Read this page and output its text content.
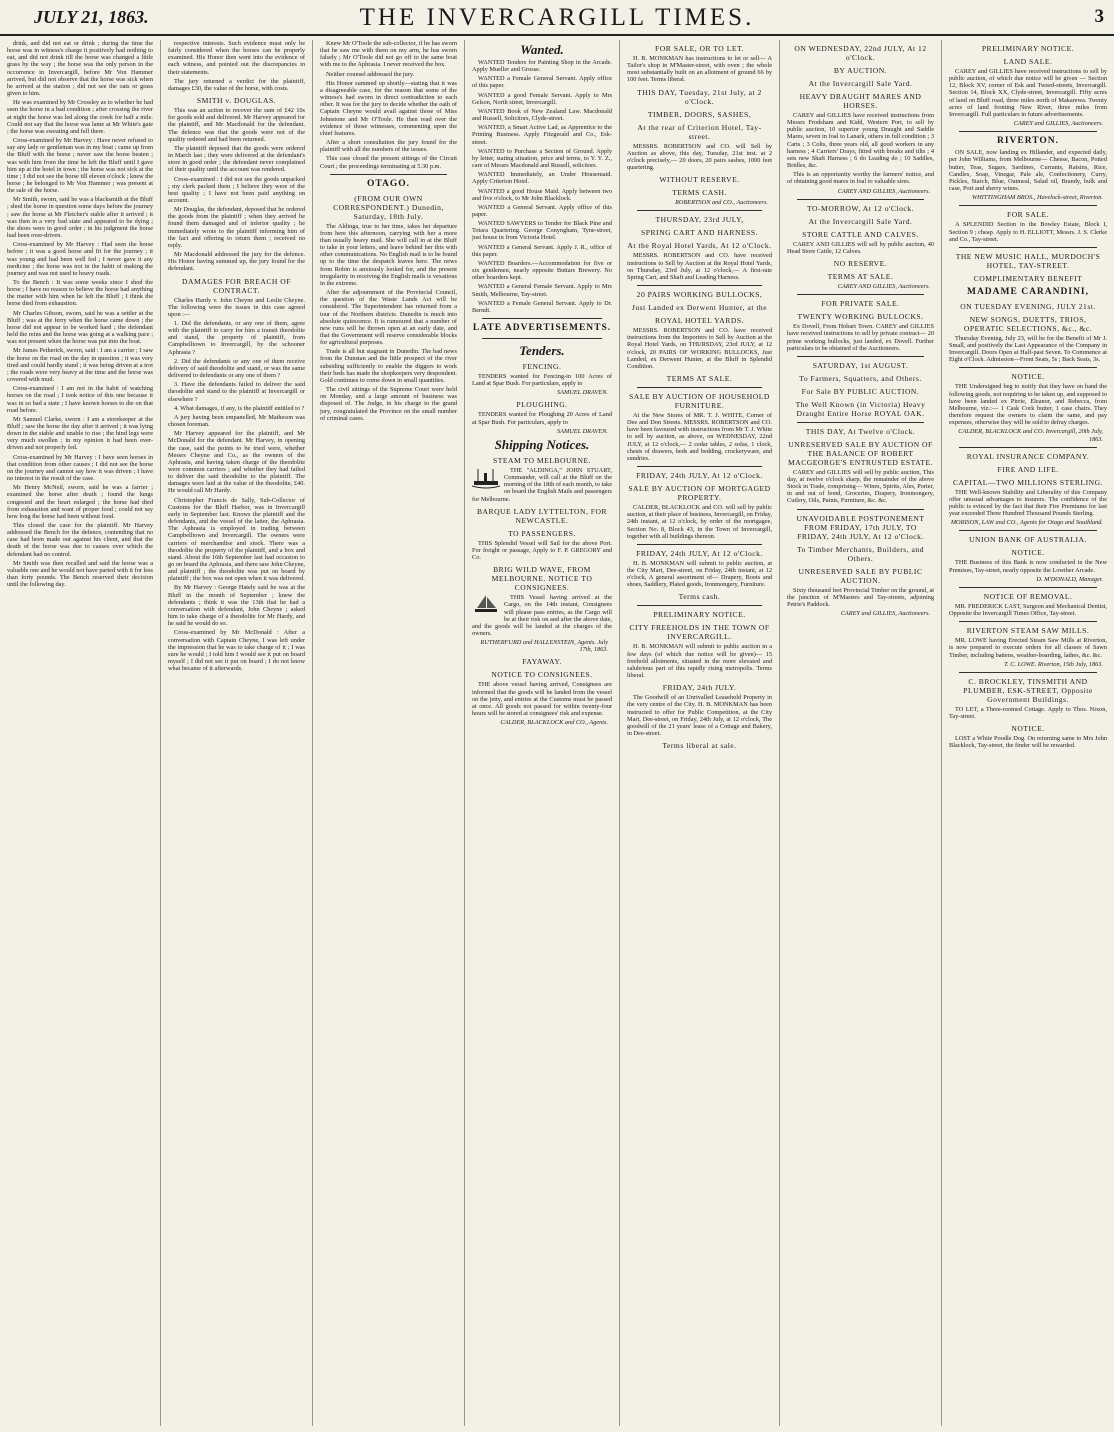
JULY 21, 1863.	THE INVERCARGILL TIMES.	3

drink, and did not eat or drink ; during the time the horse was in witness's charge it positively had nothing to eat, and did not drink till the horse was changed a little grass by the way ; the horse was the only person in the occurrence in Invercargill, before Mr Von Hammer arrived, but did not observe that the horse was sick when he arrived at the station ; did not see the oats or grass given to him.

He was examined by Mr Crossley as to whether he had seen the horse in a bad condition ; after crossing the river at night the horse was led along the creek for half a mile. Could not say that the horse was lame at Mr White's gate ; the horse was sweating and fell there.

Cross-examined by Mr Harvey : Have never refused to say any lady or gentleman was in my boat ; came up from the Bluff with the horse ; never saw the horse beaten ; was with him from the time he left the Bluff until I gave him up at the hotel in town ; the horse was not sick at the time ; I did not see the horse till eleven o'clock ; knew the horse ; he belonged to Mr Von Hammer ; was present at the sale of the horse.

Mr Smith, sworn, said he was a blacksmith at the Bluff ; shod the horse in question some days before the journey ; saw the horse at Mr Fletcher's stable after it arrived ; it was then in a very bad state and appeared to be dying ; the shoes were in good order ; in his judgment the horse had been over-driven.

Cross-examined by Mr Harvey : Had seen the horse before ; it was a good horse and fit for the journey ; it was young and had been well fed ; I never gave it any medicine ; the horse was not in the habit of making the journey and was not used to heavy roads.

To the Bench : It was some weeks since I shod the horse ; I have no reason to believe the horse had anything the matter with him when he left the Bluff ; I think the horse died from exhaustion.

Mr Charles Gibson, sworn, said he was a settler at the Bluff ; was at the ferry when the horse came down ; the horse did not appear to be worked hard ; the defendant held the reins and the horse was going at a walking pace ; was not present when the horse was put into the boat.

Mr James Petherick, sworn, said : I am a carrier ; I saw the horse on the road on the day in question ; it was very tired and could hardly stand ; it was being driven at a trot ; the roads were very heavy at the time and the horse was covered with mud.

Cross-examined : I am not in the habit of watching horses on the road ; I took notice of this one because it was in so bad a state ; I have known horses to die on that road before.

Mr Samuel Clarke, sworn : I am a storekeeper at the Bluff ; saw the horse the day after it arrived ; it was lying down in the stable and unable to rise ; the hind legs were very much swollen ; in my opinion it had been over-driven and not properly fed.

Cross-examined by Mr Harvey : I have seen horses in that condition from other causes ; I did not see the horse on the journey and cannot say how it was driven ; I have no interest in the result of the case.

Mr Henry McNeil, sworn, said he was a farrier ; examined the horse after death ; found the lungs congested and the heart enlarged ; the horse had died from exhaustion and want of proper food ; could not say how long the horse had been without food.

This closed the case for the plaintiff. Mr Harvey addressed the Bench for the defence, contending that no case had been made out against his client, and that the death of the horse was due to causes over which the defendant had no control.

Mr Smith was then recalled and said the horse was a valuable one and he would not have parted with it for less than forty pounds. The Bench reserved their decision until the following day.

respective interests. Such evidence must only be fairly considered when the horses can be properly examined. His Honor then went into the evidence of each witness, and pointed out the discrepancies in their statements.

The jury returned a verdict for the plaintiff, damages £30, the value of the horse, with costs.

SMITH v. DOUGLAS.

This was an action to recover the sum of £42 10s for goods sold and delivered. Mr Harvey appeared for the plaintiff, and Mr Macdonald for the defendant. The defence was that the goods were not of the quality ordered and had been returned.

The plaintiff deposed that the goods were ordered in March last ; they were delivered at the defendant's store in good order ; the defendant never complained of their quality until the account was rendered.

Cross-examined : I did not see the goods unpacked ; my clerk packed them ; I believe they were of the best quality ; I have not been paid anything on account.

Mr Douglas, the defendant, deposed that he ordered the goods from the plaintiff ; when they arrived he found them damaged and of inferior quality ; he immediately wrote to the plaintiff informing him of the fact and offering to return them ; received no reply.

Mr Macdonald addressed the jury for the defence. His Honor having summed up, the jury found for the defendant.

DAMAGES FOR BREACH OF CONTRACT.

Charles Hardy v. John Cheyne and Leslie Cheyne. The following were the issues in this case agreed upon :—

1. Did the defendants, or any one of them, agree with the plaintiff to carry for him a transit theodolite and stand, the property of plaintiff, from Campbelltown to Invercargill, by the schooner Aphrasia ?

2. Did the defendants or any one of them receive delivery of said theodolite and stand, or was the same delivered to defendants or any one of them ?

3. Have the defendants failed to deliver the said theodolite and stand to the plaintiff at Invercargill or elsewhere ?

4. What damages, if any, is the plaintiff entitled to ?

A jury having been empanelled, Mr Matheson was chosen foreman.

Mr Harvey appeared for the plaintiff, and Mr McDonald for the defendant. Mr Harvey, in opening the case, said the points to be tried were, whether Messrs Cheyne and Co., as the owners of the Aphrasia, and having taken charge of the theodolite were common carriers ; and whether they had failed to deliver the said theodolite to the plaintiff. The damages were laid at the value of the theodolite, £40. He would call Mr Hardy.

Christopher Francis de Sally, Sub-Collector of Customs for the Bluff Harbor, was in Invercargill early in September last. Knows the plaintiff and the defendants, and the vessel of the latter, the Aphrasia. The Aphrasia is employed in trading between Campbelltown and Invercargill. The owners were carriers of merchandise and stock. There was a theodolite the property of the plaintiff, and a box and stand. About the 16th September last had occasion to go on board the Aphrasia, and there saw John Cheyne, and plaintiff ; the theodolite was put on board by plaintiff ; the box was not open when it was delivered.

By Mr Harvey : George Hately said he was at the Bluff in the month of September ; knew the defendants ; think it was the 13th that he had a conversation with defendant, John Cheyne ; asked him to take charge of a theodolite for Mr Hardy, and he said he would do so.

Cross-examined by Mr McDonald : After a conversation with Captain Cheyne, I was left under the impression that he was to take charge of it ; I was sure he would ; I told him I would see it put on board myself ; I did not see it put on board ; I do not know what became of it afterwards.

Knew Mr O'Toole the sub-collector, if he has sworn that he saw me with them on my arm, he has sworn falsely ; Mr O'Toole did not go off to the same boat with me to the Aphrasia. I never received the box.

Neither counsel addressed the jury.

His Honor summed up shortly—stating that it was a disagreeable case, for the reason that some of the witness's had sworn in direct contradiction to each other. It was for the jury to decide whether the oath of Captain Cheyne would avail against those of Miss Johnstone and Mr O'Toole. He then read over the evidence of those witnesses, commenting upon the chief features.

After a short consultation the jury found for the plaintiff with all the numbers of the issues.

This case closed the present sittings of the Circuit Court ; the proceedings terminating at 5.30 p.m.

OTAGO.
(FROM OUR OWN CORRESPONDENT.) Dunedin, Saturday, 18th July.

The Aldinga, true to her time, takes her departure from here this afternoon, carrying with her a more than usually heavy mail. She will call in at the Bluff to take in your letters, and leave behind her this with other communications. No English mail is to be found up to the time the despatch leaves here. The news from Robin is anxiously looked for, and the present irregularity in receiving the English mails is vexatious in the extreme.

After the adjournment of the Provincial Council, the question of the Waste Lands Act will be considered. The Superintendent has returned from a tour of the Northern districts. Dunedin is much into absolute quiescence. It is rumoured that a number of new runs will be thrown open at an early date, and that the Government will reserve considerable blocks for agricultural purposes.

Trade is all but stagnant in Dunedin. The bad news from the Dunstan and the little prospect of the river subsiding sufficiently to enable the diggers to work their beds has made the shopkeepers very despondent. Gold continues to come down in small quantities.

The civil sittings of the Supreme Court were held on Monday, and a large amount of business was disposed of. The Judge, in his charge to the grand jury, congratulated the Province on the small number of criminal cases.

Wanted.

WANTED Tenders for Painting Shop in the Arcade. Apply Mueller and Grosse.

WANTED a Female General Servant. Apply office of this paper.

WANTED a good Female Servant. Apply to Mrs Gelson, North street, Invercargill.

WANTED Book of New Zealand Law. Macdonald and Russell, Solicitors, Clyde-street.

WANTED, a Smart Active Lad, as Apprentice to the Printing Business. Apply Fitzgerald and Co., Esk-street.

WANTED to Purchase a Section of Ground. Apply by letter, stating situation, price and terms, to Y. Y. Z., care of Messrs Macdonald and Russell, solicitors.

WANTED Immediately, an Under Housemaid. Apply Criterion Hotel.

WANTED a good House Maid. Apply between two and five o'clock, to Mr John Blacklock.

WANTED a General Servant. Apply office of this paper.

WANTED SAWYERS to Tender for Black Pine and Totara Quartering. George Conyngham, Tyne-street, just house in from Victoria Hotel.

WANTED a General Servant. Apply J. R., office of this paper.

WANTED Boarders.—Accommodation for five or six gentlemen, nearly opposite Buttars Brewery. No other boarders kept.

WANTED a General Female Servant. Apply to Mrs Smith, Melbourne, Tay-street.

WANTED a Female General Servant. Apply to Dr. Berndt.

LATE ADVERTISEMENTS.
Tenders.
FENCING.

TENDERS wanted for Fencing-in 100 Acres of Land at Spar Bush. For particulars, apply to

SAMUEL DRAVEN.
PLOUGHING.

TENDERS wanted for Ploughing 20 Acres of Land at Spar Bush. For particulars, apply to

SAMUEL DRAVEN.
Shipping Notices.
STEAM TO MELBOURNE.

THE "ALDINGA," JOHN STUART, Commander, will call at the Bluff on the morning of the 18th of each month, to take on board the English Mails and passengers for Melbourne.

BARQUE LADY LYTTELTON, FOR NEWCASTLE.
TO PASSENGERS.

THIS Splendid Vessel will Sail for the above Port. For freight or passage, Apply to F. P. GREGORY and Co.

BRIG WILD WAVE, FROM MELBOURNE. NOTICE TO CONSIGNEES.

THIS Vessel having arrived at the Cargo, on the 14th instant, Consignees will please pass entries, as the Cargo will be at their risk on and after the above date, and the goods will be landed at the charges of the owners.

RUTHERFURD and HALLENSTEIN, Agents. July 17th, 1863.
FAYAWAY.
NOTICE TO CONSIGNEES.

THE above vessel having arrived, Consignees are informed that the goods will be landed from the vessel on the jetty, and entries at the Customs must be passed at once. All goods not passed for within twenty-four hours will be stored at consignees' risk and expense.

CALDER, BLACKLOCK and CO., Agents.
FOR SALE, OR TO LET.

H. B. MONKMAN has instructions to let or sell— A Tailor's shop in M'Master-street, with oven ; the whole most substantially built on an allotment of ground 66 by 100 feet. Terms liberal.

THIS DAY, Tuesday, 21st July, at 2 o'Clock.
TIMBER, DOORS, SASHES,
At the rear of Criterion Hotel, Tay-street.

MESSRS. ROBERTSON and CO. will Sell by Auction as above, this day, Tuesday, 21st inst. at 2 o'clock precisely,— 20 doors, 20 pairs sashes, 1000 feet quartering.

WITHOUT RESERVE.
TERMS CASH.
ROBERTSON and CO., Auctioneers.
THURSDAY, 23rd JULY,
SPRING CART AND HARNESS.
At the Royal Hotel Yards, At 12 o'Clock.

MESSRS. ROBERTSON and CO. have received instructions to Sell by Auction at the Royal Hotel Yards, on Thursday, 23rd July, at 12 o'clock,— A first-rate Spring Cart, and Shaft and Leading Harness.

20 PAIRS WORKING BULLOCKS,
Just Landed ex Derwent Hunter, at the
ROYAL HOTEL YARDS.

MESSRS. ROBERTSON and CO. have received instructions from the Importers to Sell by Auction at the Royal Hotel Yards, on THURSDAY, 23rd JULY, at 12 o'clock, 20 PAIRS OF WORKING BULLOCKS, Just Landed, ex Derwent Hunter, at the Bluff in Splendid Condition.

TERMS AT SALE.
SALE BY AUCTION OF HOUSEHOLD FURNITURE.

At the New Stores of MR. T. J. WHITE, Corner of Dee and Don Streets. MESSRS. ROBERTSON and CO. have been favoured with instructions from Mr T. J. White to sell by auction, as above, on WEDNESDAY, 22nd JULY, at 12 o'clock,— 2 cedar tables, 2 sofas, 1 clock, chests of drawers, beds and bedding, crockeryware, and sundries.

FRIDAY, 24th JULY, At 12 o'Clock.
SALE BY AUCTION OF MORTGAGED PROPERTY.

CALDER, BLACKLOCK and CO. will sell by public auction, at their place of business, Invercargill, on Friday, 24th instant, at 12 o'clock, by order of the mortgagee, Section No. 8, Block 43, in the Town of Invercargill, together with all buildings thereon.

FRIDAY, 24th JULY, At 12 o'Clock.

H. B. MONKMAN will submit to public auction, at the City Mart, Dee-street, on Friday, 24th instant, at 12 o'clock, A general assortment of— Drapery, Boots and shoes, Saddlery, Plated goods, Ironmongery, Furniture.

Terms cash.
PRELIMINARY NOTICE.
CITY FREEHOLDS IN THE TOWN OF INVERCARGILL.

H. B. MONKMAN will submit to public auction in a few days (of which due notice will be given)— 15 freehold allotments, situated in the more elevated and salubrious part of this rapidly rising metropolis. Terms liberal.

FRIDAY, 24th JULY.

The Goodwill of an Unrivalled Leasehold Property in the very centre of the City. H. B. MONKMAN has been instructed to offer for Public Competition, at the City Mart, Dee-street, on Friday, 24th July, at 12 o'clock, The goodwill of the 21 years' lease of a Cottage and Bakery, in Dee-street.

Terms liberal at sale.
ON WEDNESDAY, 22nd JULY, At 12 o'Clock.
BY AUCTION.
At the Invercargill Sale Yard.
HEAVY DRAUGHT MARES AND HORSES.

CAREY and GILLIES have received instructions from Messrs Frodsham and Kidd, Western Port, to sell by public auction, 10 superior young Draught and Saddle Mares, seven in foal to Lanark, others in full condition ; 3 Carts ; 3 Colts, three years old, all good workers in any harness ; 4 Carriers' Drays, fitted with breaks and tilts ; 4 sets new Shaft Harness ; 6 do Leading do ; 10 Saddles, Bridles, &c.

This is an opportunity worthy the farmers' notice, and of obtaining good mares in foal to valuable sires.

CAREY AND GILLIES, Auctioneers.
TO-MORROW, At 12 o'Clock.
At the Invercargill Sale Yard.
STORE CATTLE AND CALVES.

CAREY AND GILLIES will sell by public auction, 40 Head Store Cattle, 12 Calves.

NO RESERVE.
TERMS AT SALE.
CAREY AND GILLIES, Auctioneers.
FOR PRIVATE SALE.
TWENTY WORKING BULLOCKS.

Ex Dovell, From Hobart Town. CAREY and GILLIES have received instructions to sell by private contract— 20 prime working bullocks, just landed, ex Dovell. Further particulars to be obtained of the Auctioneers.

SATURDAY, 1st AUGUST.
To Farmers, Squatters, and Others.
For Sale BY PUBLIC AUCTION.
The Well Known (in Victoria) Heavy Draught Entire Horse ROYAL OAK.
THIS DAY, At Twelve o'Clock.
UNRESERVED SALE BY AUCTION OF THE BALANCE OF ROBERT MACGEORGE'S ENTRUSTED ESTATE.

CAREY and GILLIES will sell by public auction, This day, at twelve o'clock sharp, the remainder of the above Stock in Trade, comprising— Wines, Spirits, Ales, Porter, in and out of bond, Groceries, Drapery, Ironmongery, Cutlery, Oils, Paints, Furniture, &c. &c.

UNAVOIDABLE POSTPONEMENT FROM FRIDAY, 17th JULY, TO FRIDAY, 24th JULY, At 12 o'Clock.
To Timber Merchants, Builders, and Others.
UNRESERVED SALE BY PUBLIC AUCTION.

Sixty thousand feet Provincial Timber on the ground, at the junction of M'Masters and Tay-streets, adjoining Petrie's Paddock.

CAREY and GILLIES, Auctioneers.
PRELIMINARY NOTICE.
LAND SALE.

CAREY and GILLIES have received instructions to sell by public auction, of which due notice will be given — Section 12, Block XV, corner of Esk and Tweed-streets, Invercargill. Section 14, Block XX, Clyde-street, Invercargill. Fifty acres of land on Bluff road, three miles north of Makarewa. Twenty acres of land fronting New River, three miles from Invercargill. Full particulars in future advertisements.

CAREY and GILLIES, Auctioneers.
RIVERTON.

ON SALE, now landing ex Hillander, and expected daily, per John Williams, from Melbourne— Cheese, Bacon, Potted butter, Teas, Sugars, Sardines, Currants, Raisins, Rice, Candles, Soap, Vinegar, Pale ale, Confectionery, Curry, Pickles, Starch, Blue, Oatmeal, Salad oil, Brandy, bulk and case, Port and sherry wines.

WHITTINGHAM BROS., Havelock-street, Riverton.
FOR SALE.

A SPLENDID Section in the Bowley Estate, Block I, Section 9 ; cheap. Apply to H. ELLIOTT, Messrs. J. S. Clerke and Co., Tay-street.

THE NEW MUSIC HALL, MURDOCH'S HOTEL, TAY-STREET.
COMPLIMENTARY BENEFIT
MADAME CARANDINI,
ON TUESDAY EVENING, JULY 21st.
NEW SONGS, DUETTS, TRIOS, OPERATIC SELECTIONS, &c., &c.

Thursday Evening, July 23, will be for the Benefit of Mr J. Small, and positively the Last Appearance of the Company in Invercargill. Doors Open at Half-past Seven. To Commence at Eight o'Clock. Admission—Front Seats, 5s ; Back Seats, 3s.

NOTICE.

THE Undersigned beg to notify that they have on hand the following goods, not requiring to be taken up, and supposed to have been landed ex Pirrie, Eleanor, and Rebecca, from Melbourne, viz.:— 1 Cask Cork butter, 1 case chairs. They therefore request the owners to claim the same, and pay expenses, otherwise they will be sold to defray charges.

CALDER, BLACKLOCK and CO. Invercargill, 20th July, 1863.
ROYAL INSURANCE COMPANY.
FIRE AND LIFE.
CAPITAL—TWO MILLIONS STERLING.

THE Well-known Stability and Liberality of this Company offer unusual advantages to insurers. The confidence of the public is evinced by the fact that their Fire Premiums for last year exceeded Three Hundred Thousand Pounds Sterling.

MORISON, LAW and CO., Agents for Otago and Southland.
UNION BANK OF AUSTRALIA.
NOTICE.

THE Business of this Bank is now conducted in the New Premises, Tay-street, nearly opposite the Lowther Arcade.

D. M'DONALD, Manager.
NOTICE OF REMOVAL.

MR. FREDERICK LAST, Surgeon and Mechanical Dentist, Opposite the Invercargill Times Office, Tay-street.

RIVERTON STEAM SAW MILLS.

MR. LOWE having Erected Steam Saw Mills at Riverton, is now prepared to execute orders for all classes of Sawn Timber, including battens, weather-boarding, lathes, &c. &c.

T. C. LOWE. Riverton, 15th July, 1863.
C. BROCKLEY, TINSMITH AND PLUMBER, ESK-STREET, Opposite Government Buildings.

TO LET, a Three-roomed Cottage. Apply to Thos. Nixon, Tay-street.

NOTICE.

LOST a White Poodle Dog. On returning same to Mrs John Blacklock, Tay-street, the finder will be rewarded.
